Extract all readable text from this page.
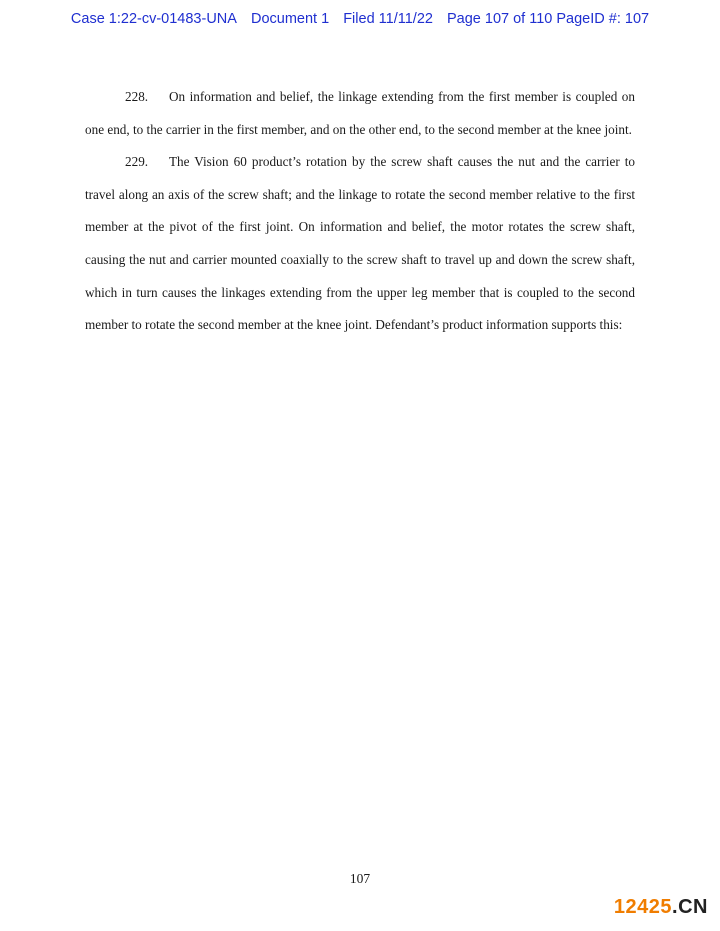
Case 1:22-cv-01483-UNA Document 1 Filed 11/11/22 Page 107 of 110 PageID #: 107

228. On information and belief, the linkage extending from the first member is coupled on one end, to the carrier in the first member, and on the other end, to the second member at the knee joint.

229. The Vision 60 product’s rotation by the screw shaft causes the nut and the carrier to travel along an axis of the screw shaft; and the linkage to rotate the second member relative to the first member at the pivot of the first joint. On information and belief, the motor rotates the screw shaft, causing the nut and carrier mounted coaxially to the screw shaft to travel up and down the screw shaft, which in turn causes the linkages extending from the upper leg member that is coupled to the second member to rotate the second member at the knee joint. Defendant’s product information supports this:

107
12425.CN
